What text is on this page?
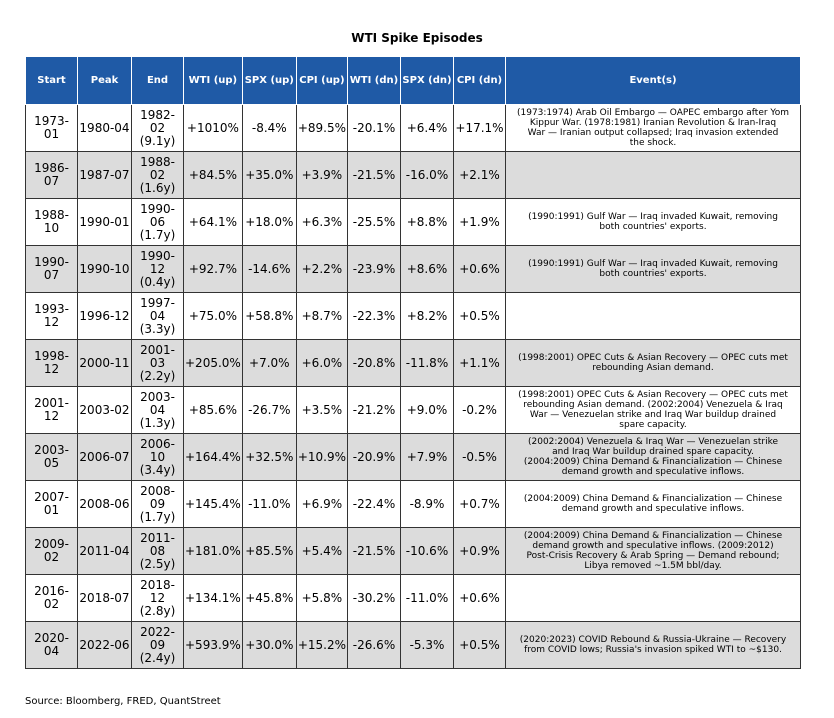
WTI Spike Episodes
Start	Peak	End	WTI (up)	SPX (up)	CPI (up)	WTI (dn)	SPX (dn)	CPI (dn)	Event(s)
1973-01	1980-04	1982-02
(9.1y)	+1010%	-8.4%	+89.5%	-20.1%	+6.4%	+17.1%	(1973:1974) Arab Oil Embargo — OAPEC embargo after Yom
Kippur War. (1978:1981) Iranian Revolution & Iran-Iraq
War — Iranian output collapsed; Iraq invasion extended
the shock.
1986-07	1987-07	1988-02
(1.6y)	+84.5%	+35.0%	+3.9%	-21.5%	-16.0%	+2.1%	
1988-10	1990-01	1990-06
(1.7y)	+64.1%	+18.0%	+6.3%	-25.5%	+8.8%	+1.9%	(1990:1991) Gulf War — Iraq invaded Kuwait, removing
both countries' exports.
1990-07	1990-10	1990-12
(0.4y)	+92.7%	-14.6%	+2.2%	-23.9%	+8.6%	+0.6%	(1990:1991) Gulf War — Iraq invaded Kuwait, removing
both countries' exports.
1993-12	1996-12	1997-04
(3.3y)	+75.0%	+58.8%	+8.7%	-22.3%	+8.2%	+0.5%	
1998-12	2000-11	2001-03
(2.2y)	+205.0%	+7.0%	+6.0%	-20.8%	-11.8%	+1.1%	(1998:2001) OPEC Cuts & Asian Recovery — OPEC cuts met
rebounding Asian demand.
2001-12	2003-02	2003-04
(1.3y)	+85.6%	-26.7%	+3.5%	-21.2%	+9.0%	-0.2%	(1998:2001) OPEC Cuts & Asian Recovery — OPEC cuts met
rebounding Asian demand. (2002:2004) Venezuela & Iraq
War — Venezuelan strike and Iraq War buildup drained
spare capacity.
2003-05	2006-07	2006-10
(3.4y)	+164.4%	+32.5%	+10.9%	-20.9%	+7.9%	-0.5%	(2002:2004) Venezuela & Iraq War — Venezuelan strike
and Iraq War buildup drained spare capacity.
(2004:2009) China Demand & Financialization — Chinese
demand growth and speculative inflows.
2007-01	2008-06	2008-09
(1.7y)	+145.4%	-11.0%	+6.9%	-22.4%	-8.9%	+0.7%	(2004:2009) China Demand & Financialization — Chinese
demand growth and speculative inflows.
2009-02	2011-04	2011-08
(2.5y)	+181.0%	+85.5%	+5.4%	-21.5%	-10.6%	+0.9%	(2004:2009) China Demand & Financialization — Chinese
demand growth and speculative inflows. (2009:2012)
Post-Crisis Recovery & Arab Spring — Demand rebound;
Libya removed ~1.5M bbl/day.
2016-02	2018-07	2018-12
(2.8y)	+134.1%	+45.8%	+5.8%	-30.2%	-11.0%	+0.6%	
2020-04	2022-06	2022-09
(2.4y)	+593.9%	+30.0%	+15.2%	-26.6%	-5.3%	+0.5%	(2020:2023) COVID Rebound & Russia-Ukraine — Recovery
from COVID lows; Russia's invasion spiked WTI to ~$130.
Source: Bloomberg, FRED, QuantStreet
